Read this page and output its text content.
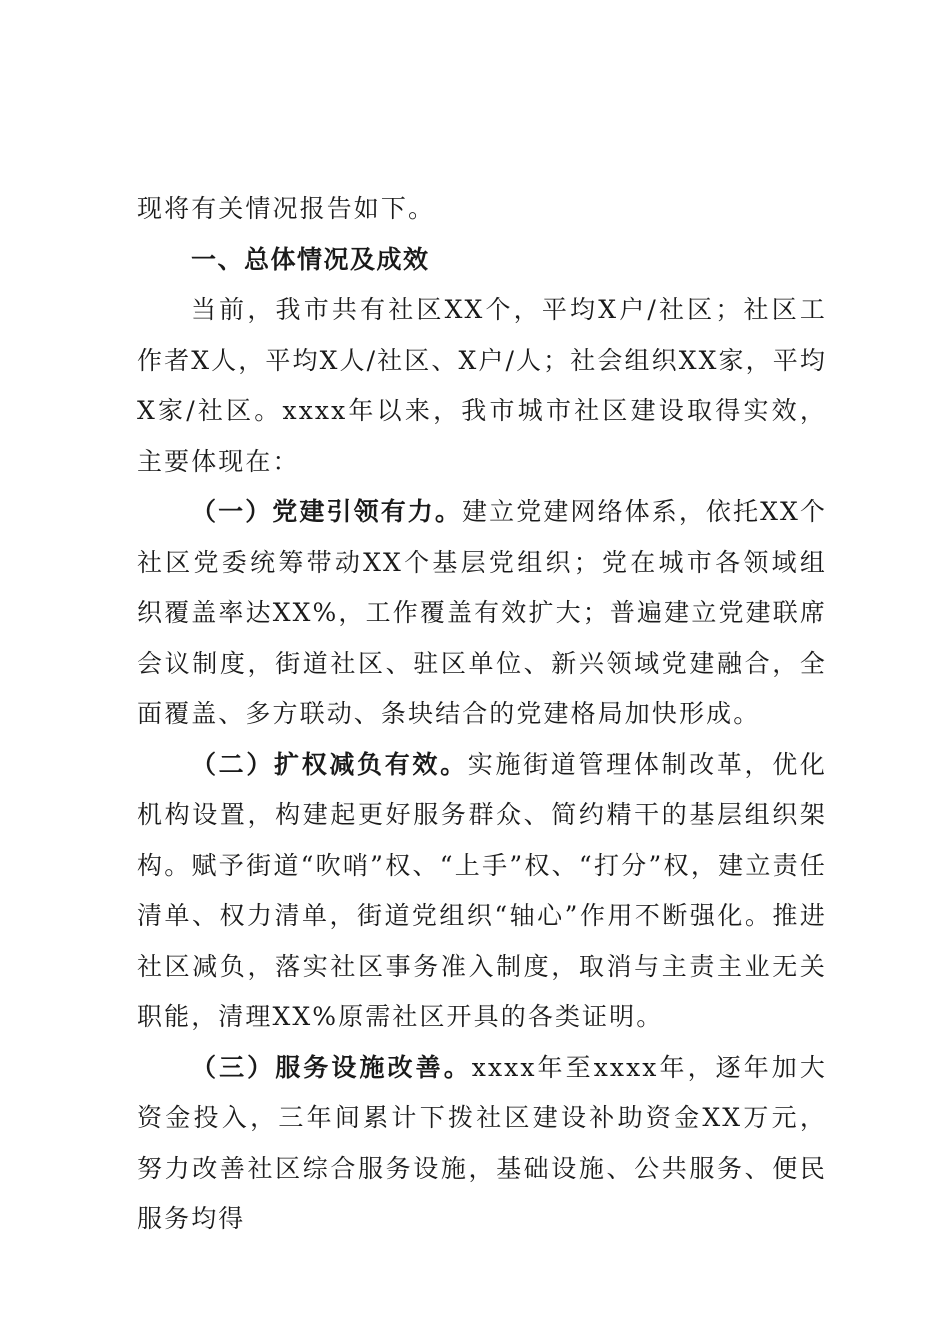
现将有关情况报告如下。

一、总体情况及成效

当前，我市共有社区XX个，平均X户/社区；社区工作者X人，平均X人/社区、X户/人；社会组织XX家，平均X家/社区。xxxx年以来，我市城市社区建设取得实效，主要体现在：

（一）党建引领有力。建立党建网络体系，依托XX个社区党委统筹带动XX个基层党组织；党在城市各领域组织覆盖率达XX%，工作覆盖有效扩大；普遍建立党建联席会议制度，街道社区、驻区单位、新兴领域党建融合，全面覆盖、多方联动、条块结合的党建格局加快形成。

（二）扩权减负有效。实施街道管理体制改革，优化机构设置，构建起更好服务群众、简约精干的基层组织架构。赋予街道“吹哨”权、“上手”权、“打分”权，建立责任清单、权力清单，街道党组织“轴心”作用不断强化。推进社区减负，落实社区事务准入制度，取消与主责主业无关职能，清理XX%原需社区开具的各类证明。

（三）服务设施改善。xxxx年至xxxx年，逐年加大资金投入，三年间累计下拨社区建设补助资金XX万元，努力改善社区综合服务设施，基础设施、公共服务、便民服务均得
